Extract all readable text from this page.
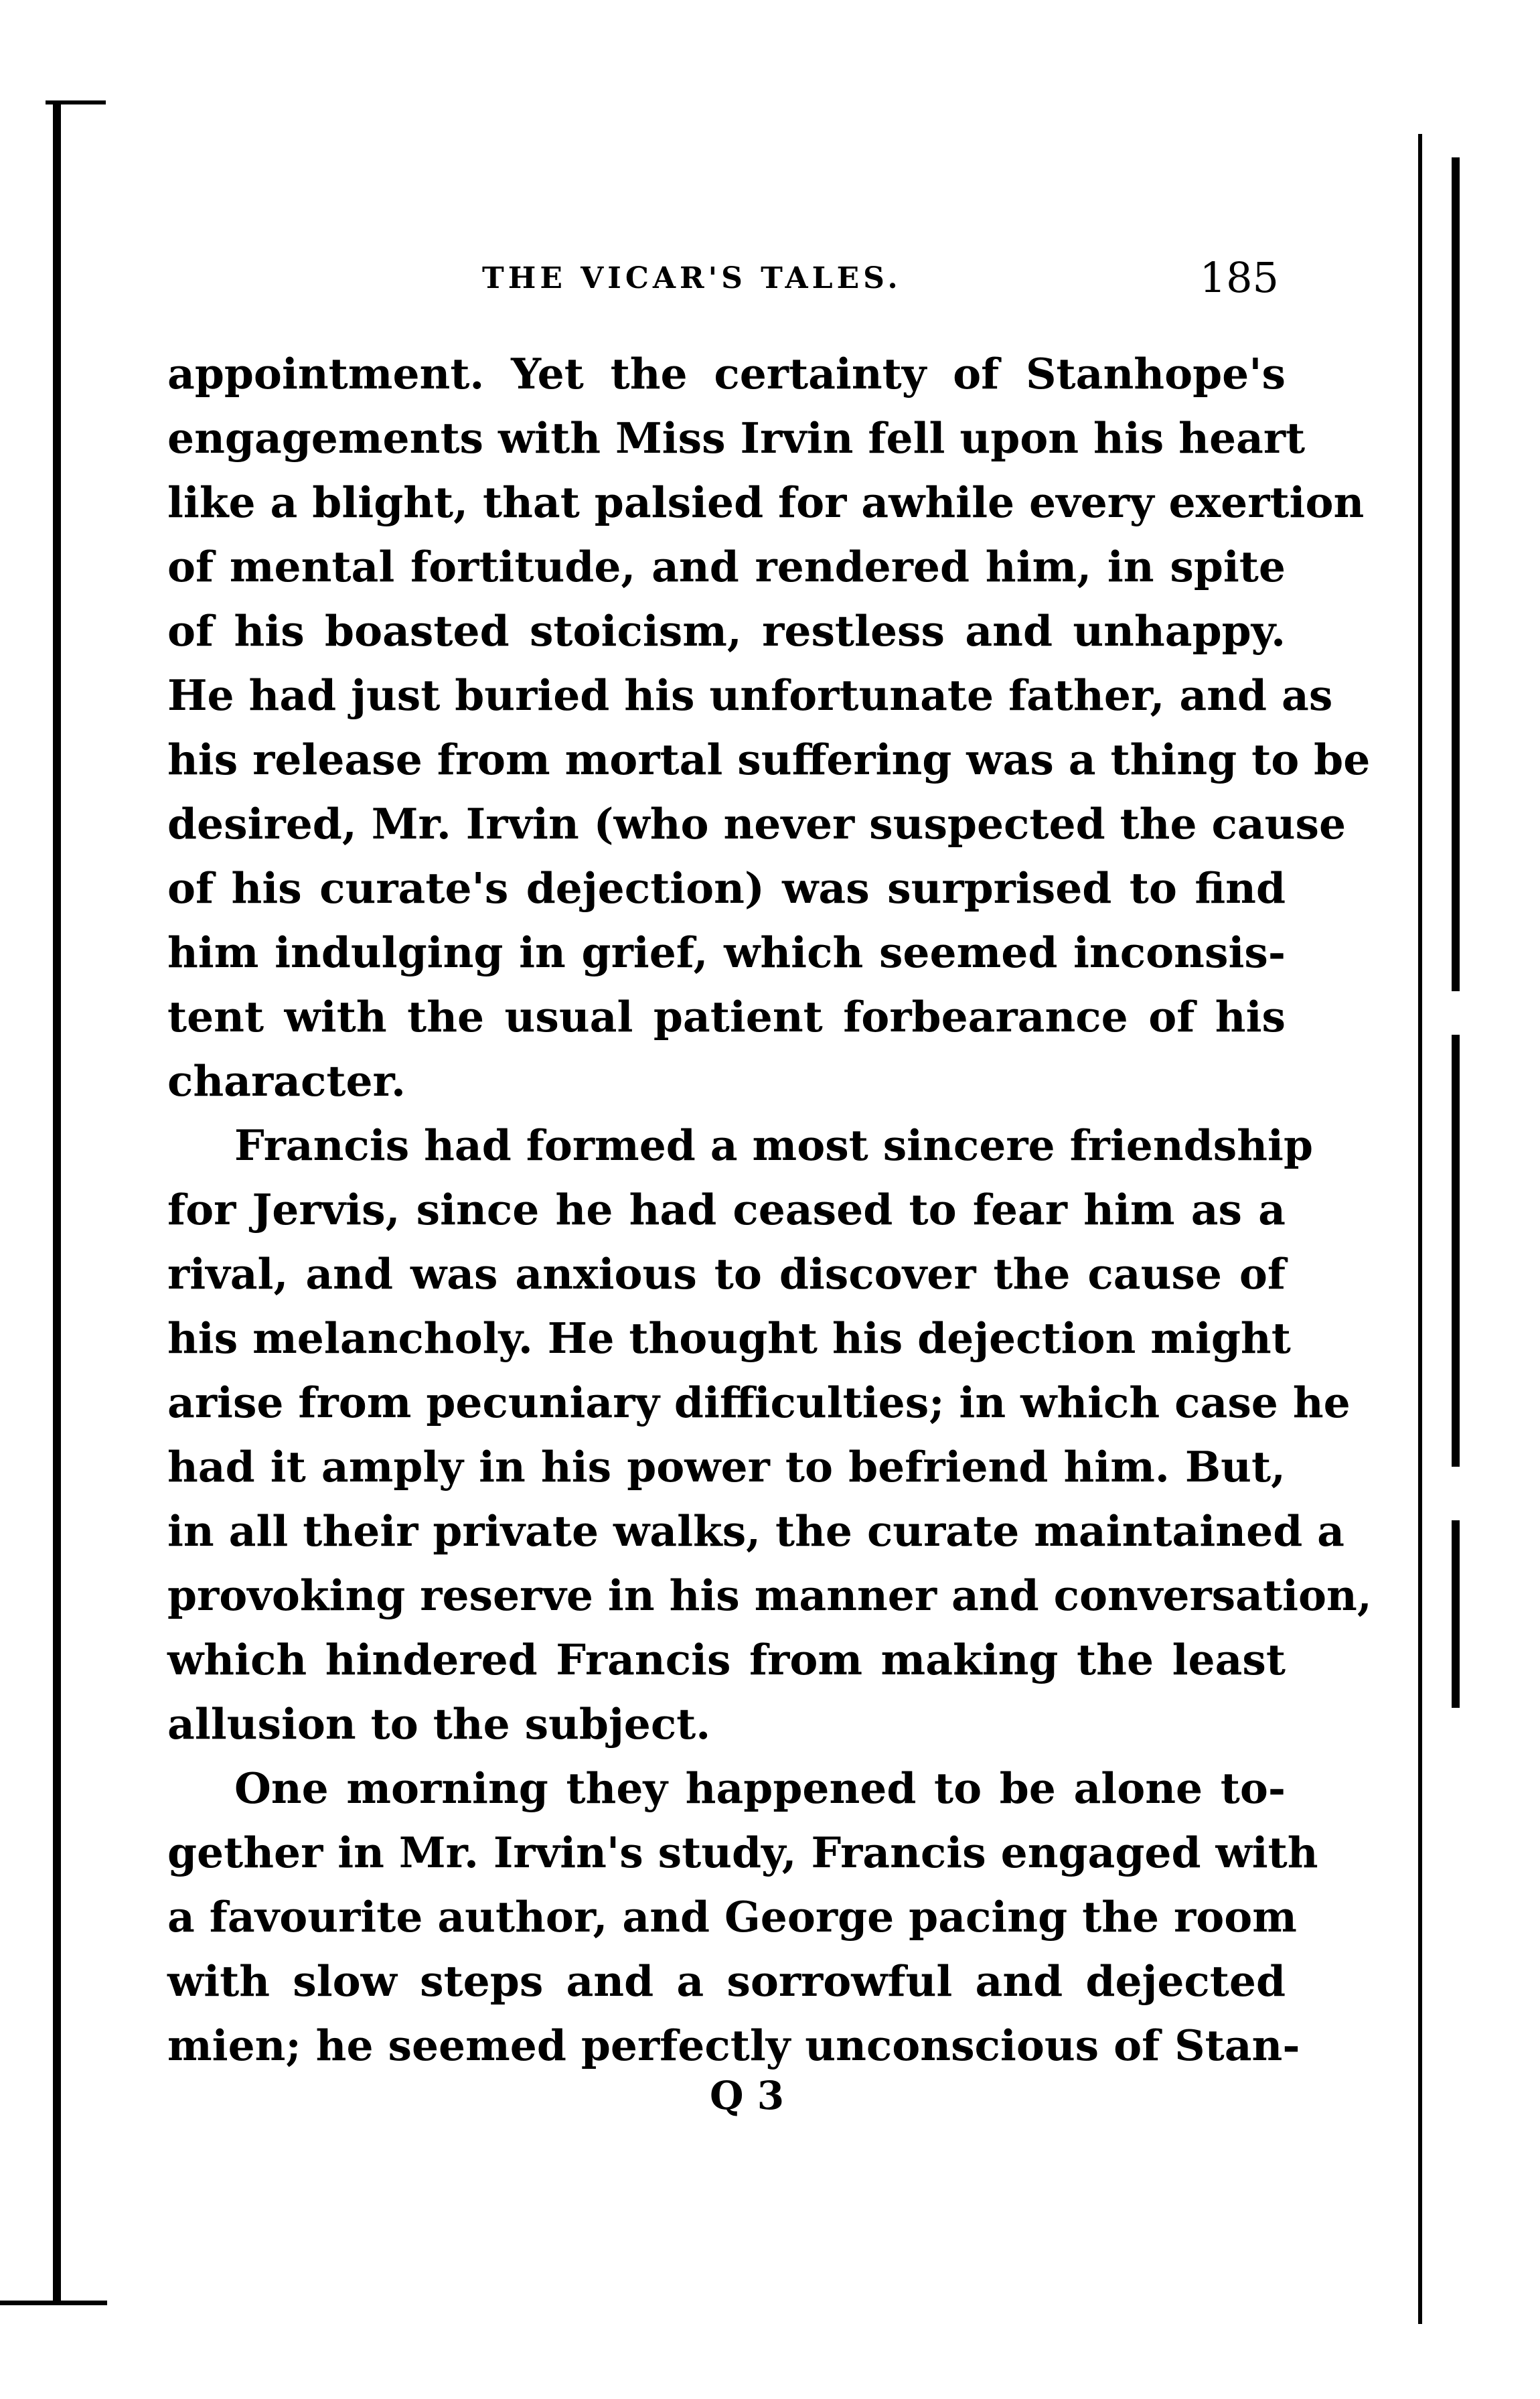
THE VICAR'S TALES.	185
appointment. Yet the certainty of Stanhope's
engagements with Miss Irvin fell upon his heart
like a blight, that palsied for awhile every exertion
of mental fortitude, and rendered him, in spite
of his boasted stoicism, restless and unhappy.
He had just buried his unfortunate father, and as
his release from mortal suffering was a thing to be
desired, Mr. Irvin (who never suspected the cause
of his curate's dejection) was surprised to find
him indulging in grief, which seemed inconsis-
tent with the usual patient forbearance of his
character.
Francis had formed a most sincere friendship
for Jervis, since he had ceased to fear him as a
rival, and was anxious to discover the cause of
his melancholy. He thought his dejection might
arise from pecuniary difficulties; in which case he
had it amply in his power to befriend him. But,
in all their private walks, the curate maintained a
provoking reserve in his manner and conversation,
which hindered Francis from making the least
allusion to the subject.
One morning they happened to be alone to-
gether in Mr. Irvin's study, Francis engaged with
a favourite author, and George pacing the room
with slow steps and a sorrowful and dejected
mien; he seemed perfectly unconscious of Stan-
Q 3
